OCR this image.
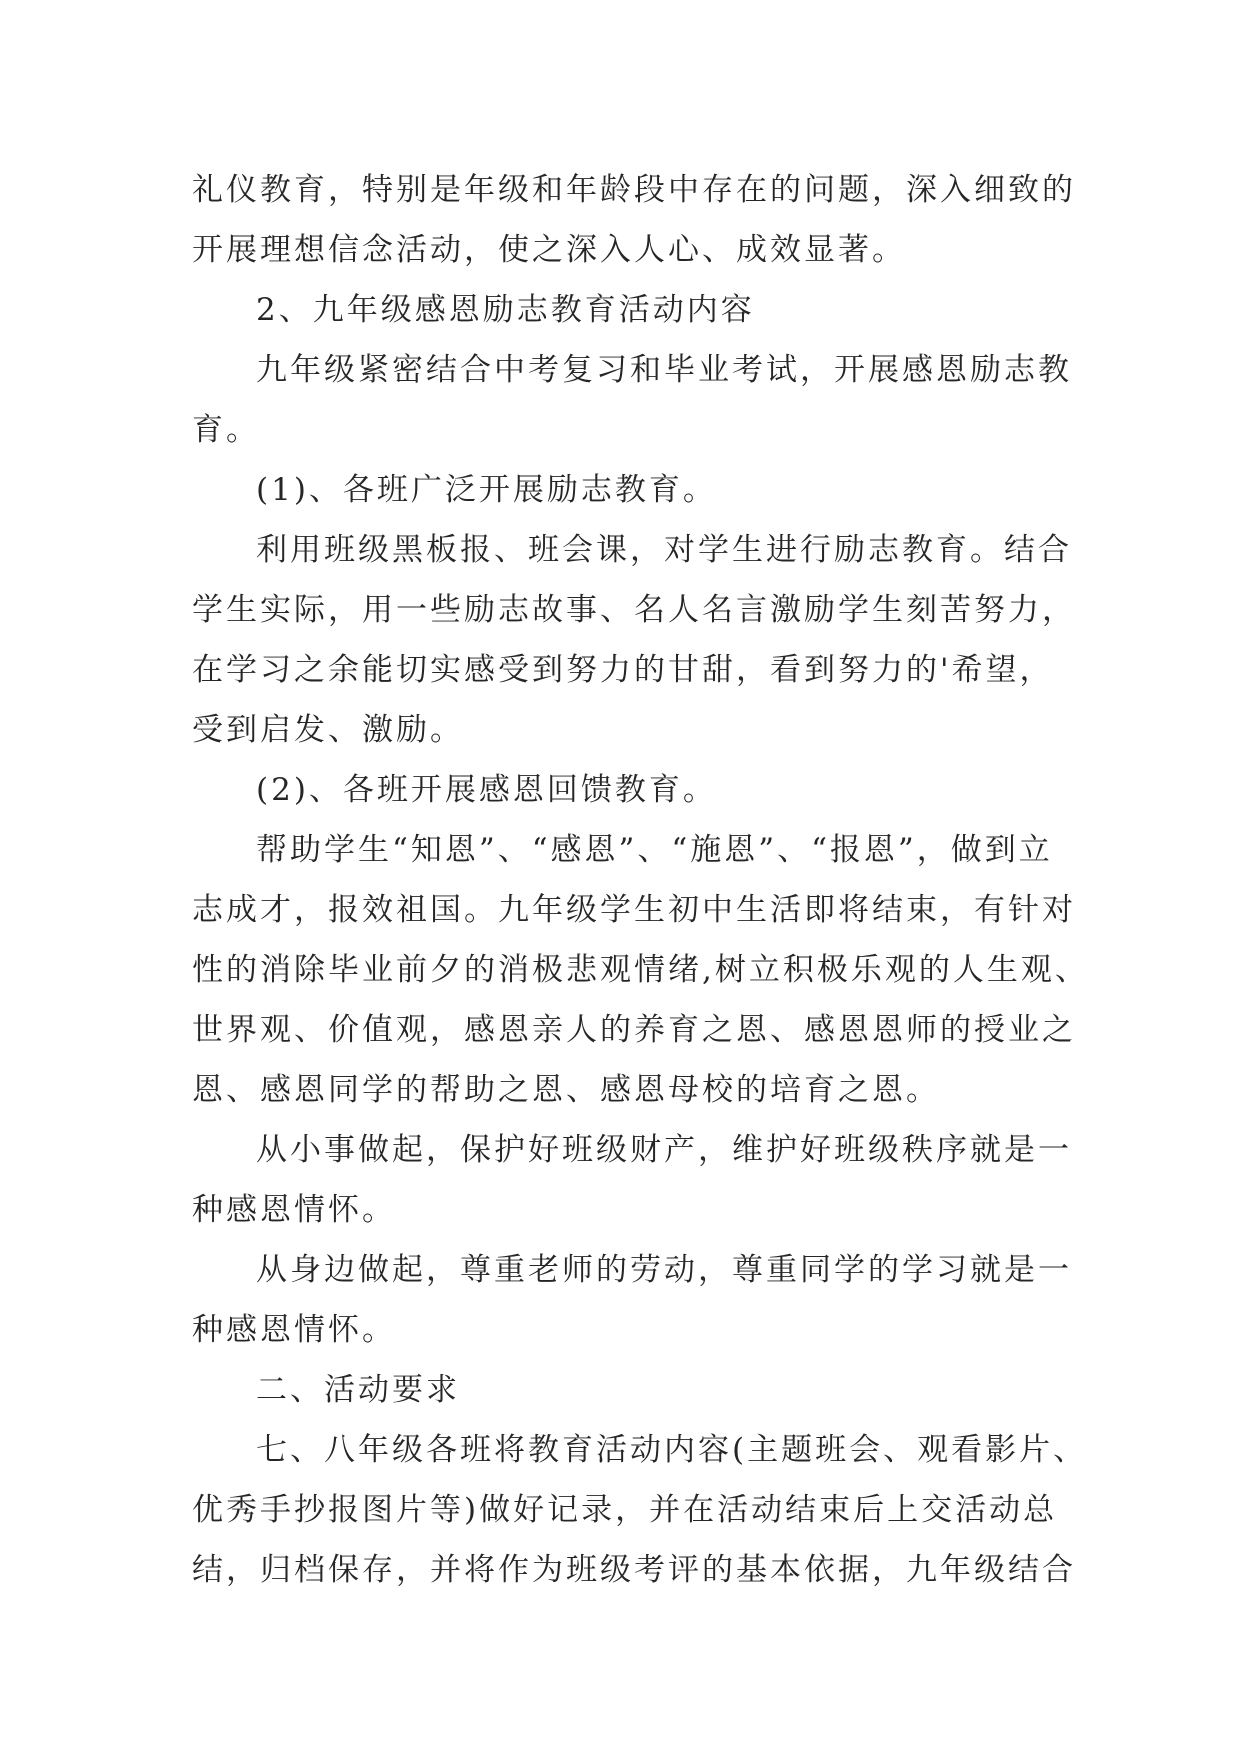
礼仪教育，特别是年级和年龄段中存在的问题，深入细致的
开展理想信念活动，使之深入人心、成效显著。
2、九年级感恩励志教育活动内容
九年级紧密结合中考复习和毕业考试，开展感恩励志教
育。
(1)、各班广泛开展励志教育。
利用班级黑板报、班会课，对学生进行励志教育。结合
学生实际，用一些励志故事、名人名言激励学生刻苦努力，
在学习之余能切实感受到努力的甘甜，看到努力的'希望，
受到启发、激励。
(2)、各班开展感恩回馈教育。
帮助学生“知恩”、“感恩”、“施恩”、“报恩”，做到立
志成才，报效祖国。九年级学生初中生活即将结束，有针对
性的消除毕业前夕的消极悲观情绪,树立积极乐观的人生观、
世界观、价值观，感恩亲人的养育之恩、感恩恩师的授业之
恩、感恩同学的帮助之恩、感恩母校的培育之恩。
从小事做起，保护好班级财产，维护好班级秩序就是一
种感恩情怀。
从身边做起，尊重老师的劳动，尊重同学的学习就是一
种感恩情怀。
二、活动要求
七、八年级各班将教育活动内容(主题班会、观看影片、
优秀手抄报图片等)做好记录，并在活动结束后上交活动总
结，归档保存，并将作为班级考评的基本依据，九年级结合
